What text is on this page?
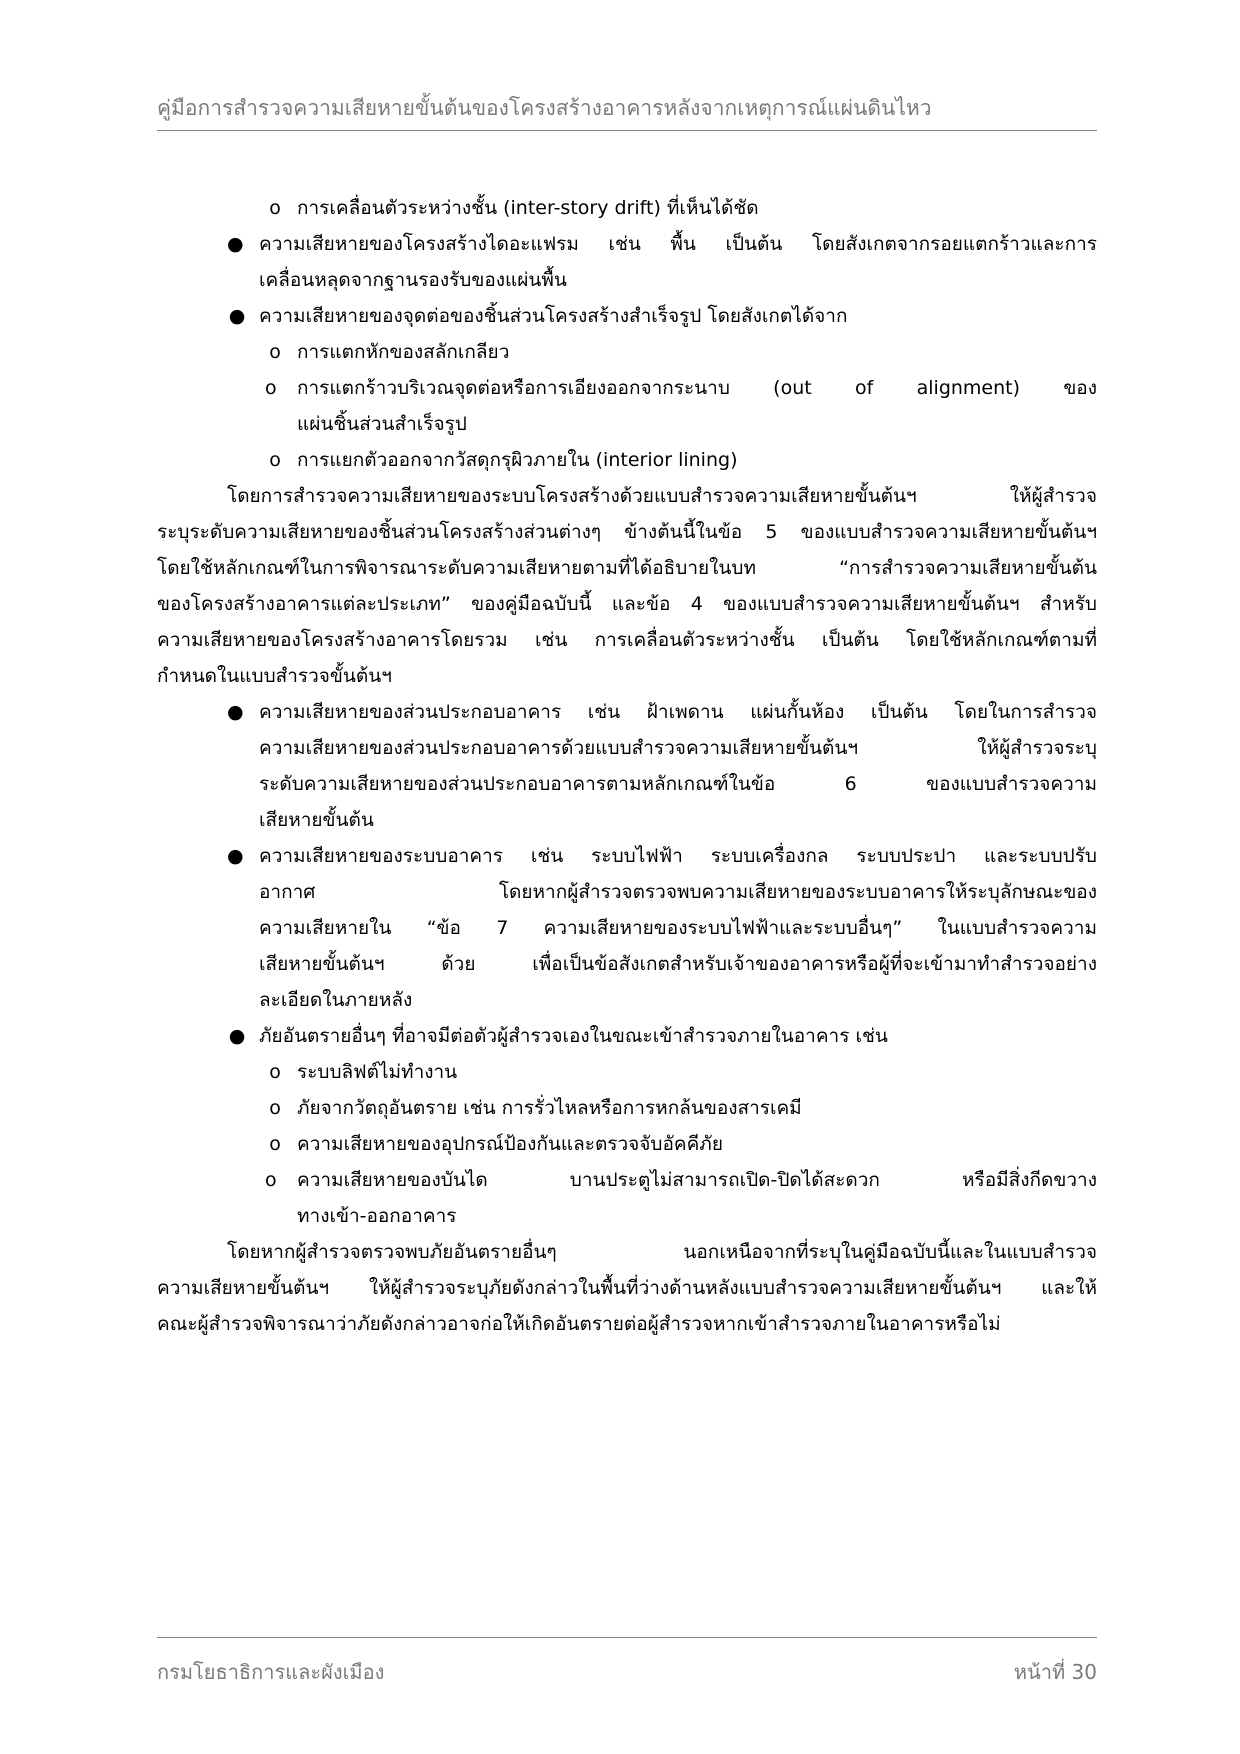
คู่มือการสำรวจความเสียหายขั้นต้นของโครงสร้างอาคารหลังจากเหตุการณ์แผ่นดินไหว
o การเคลื่อนตัวระหว่างชั้น (inter-story drift) ที่เห็นได้ชัด
● ความเสียหายของโครงสร้างไดอะแฟรม เช่น พื้น เป็นต้น โดยสังเกตจากรอยแตกร้าวและการ
เคลื่อนหลุดจากฐานรองรับของแผ่นพื้น
● ความเสียหายของจุดต่อของชิ้นส่วนโครงสร้างสำเร็จรูป โดยสังเกตได้จาก
o การแตกหักของสลักเกลียว
o	การแตกร้าวบริเวณจุดต่อหรือการเอียงออกจากระนาบ (out of alignment) ของ
แผ่นชิ้นส่วนสำเร็จรูป
o การแยกตัวออกจากวัสดุกรุผิวภายใน (interior lining)
โดยการสำรวจความเสียหายของระบบโครงสร้างด้วยแบบสำรวจความเสียหายขั้นต้นฯ ให้ผู้สำรวจ
ระบุระดับความเสียหายของชิ้นส่วนโครงสร้างส่วนต่างๆ ข้างต้นนี้ในข้อ 5 ของแบบสำรวจความเสียหายขั้นต้นฯ
โดยใช้หลักเกณฑ์ในการพิจารณาระดับความเสียหายตามที่ได้อธิบายในบท “การสำรวจความเสียหายขั้นต้น
ของโครงสร้างอาคารแต่ละประเภท” ของคู่มือฉบับนี้ และข้อ 4 ของแบบสำรวจความเสียหายขั้นต้นฯ สำหรับ
ความเสียหายของโครงสร้างอาคารโดยรวม เช่น การเคลื่อนตัวระหว่างชั้น เป็นต้น โดยใช้หลักเกณฑ์ตามที่
กำหนดในแบบสำรวจขั้นต้นฯ
● ความเสียหายของส่วนประกอบอาคาร เช่น ฝ้าเพดาน แผ่นกั้นห้อง เป็นต้น โดยในการสำรวจ
ความเสียหายของส่วนประกอบอาคารด้วยแบบสำรวจความเสียหายขั้นต้นฯ ให้ผู้สำรวจระบุ
ระดับความเสียหายของส่วนประกอบอาคารตามหลักเกณฑ์ในข้อ 6 ของแบบสำรวจความ
เสียหายขั้นต้น
● ความเสียหายของระบบอาคาร เช่น ระบบไฟฟ้า ระบบเครื่องกล ระบบประปา และระบบปรับ
อากาศ โดยหากผู้สำรวจตรวจพบความเสียหายของระบบอาคารให้ระบุลักษณะของ
ความเสียหายใน “ข้อ 7 ความเสียหายของระบบไฟฟ้าและระบบอื่นๆ” ในแบบสำรวจความ
เสียหายขั้นต้นฯ ด้วย เพื่อเป็นข้อสังเกตสำหรับเจ้าของอาคารหรือผู้ที่จะเข้ามาทำสำรวจอย่าง
ละเอียดในภายหลัง
● ภัยอันตรายอื่นๆ ที่อาจมีต่อตัวผู้สำรวจเองในขณะเข้าสำรวจภายในอาคาร เช่น
o ระบบลิฟต์ไม่ทำงาน
o ภัยจากวัตถุอันตราย เช่น การรั่วไหลหรือการหกล้นของสารเคมี
o ความเสียหายของอุปกรณ์ป้องกันและตรวจจับอัคคีภัย
o	ความเสียหายของบันได บานประตูไม่สามารถเปิด-ปิดได้สะดวก หรือมีสิ่งกีดขวาง
ทางเข้า-ออกอาคาร
โดยหากผู้สำรวจตรวจพบภัยอันตรายอื่นๆ นอกเหนือจากที่ระบุในคู่มือฉบับนี้และในแบบสำรวจ
ความเสียหายขั้นต้นฯ ให้ผู้สำรวจระบุภัยดังกล่าวในพื้นที่ว่างด้านหลังแบบสำรวจความเสียหายขั้นต้นฯ และให้
คณะผู้สำรวจพิจารณาว่าภัยดังกล่าวอาจก่อให้เกิดอันตรายต่อผู้สำรวจหากเข้าสำรวจภายในอาคารหรือไม่
กรมโยธาธิการและผังเมือง	หน้าที่ 30
